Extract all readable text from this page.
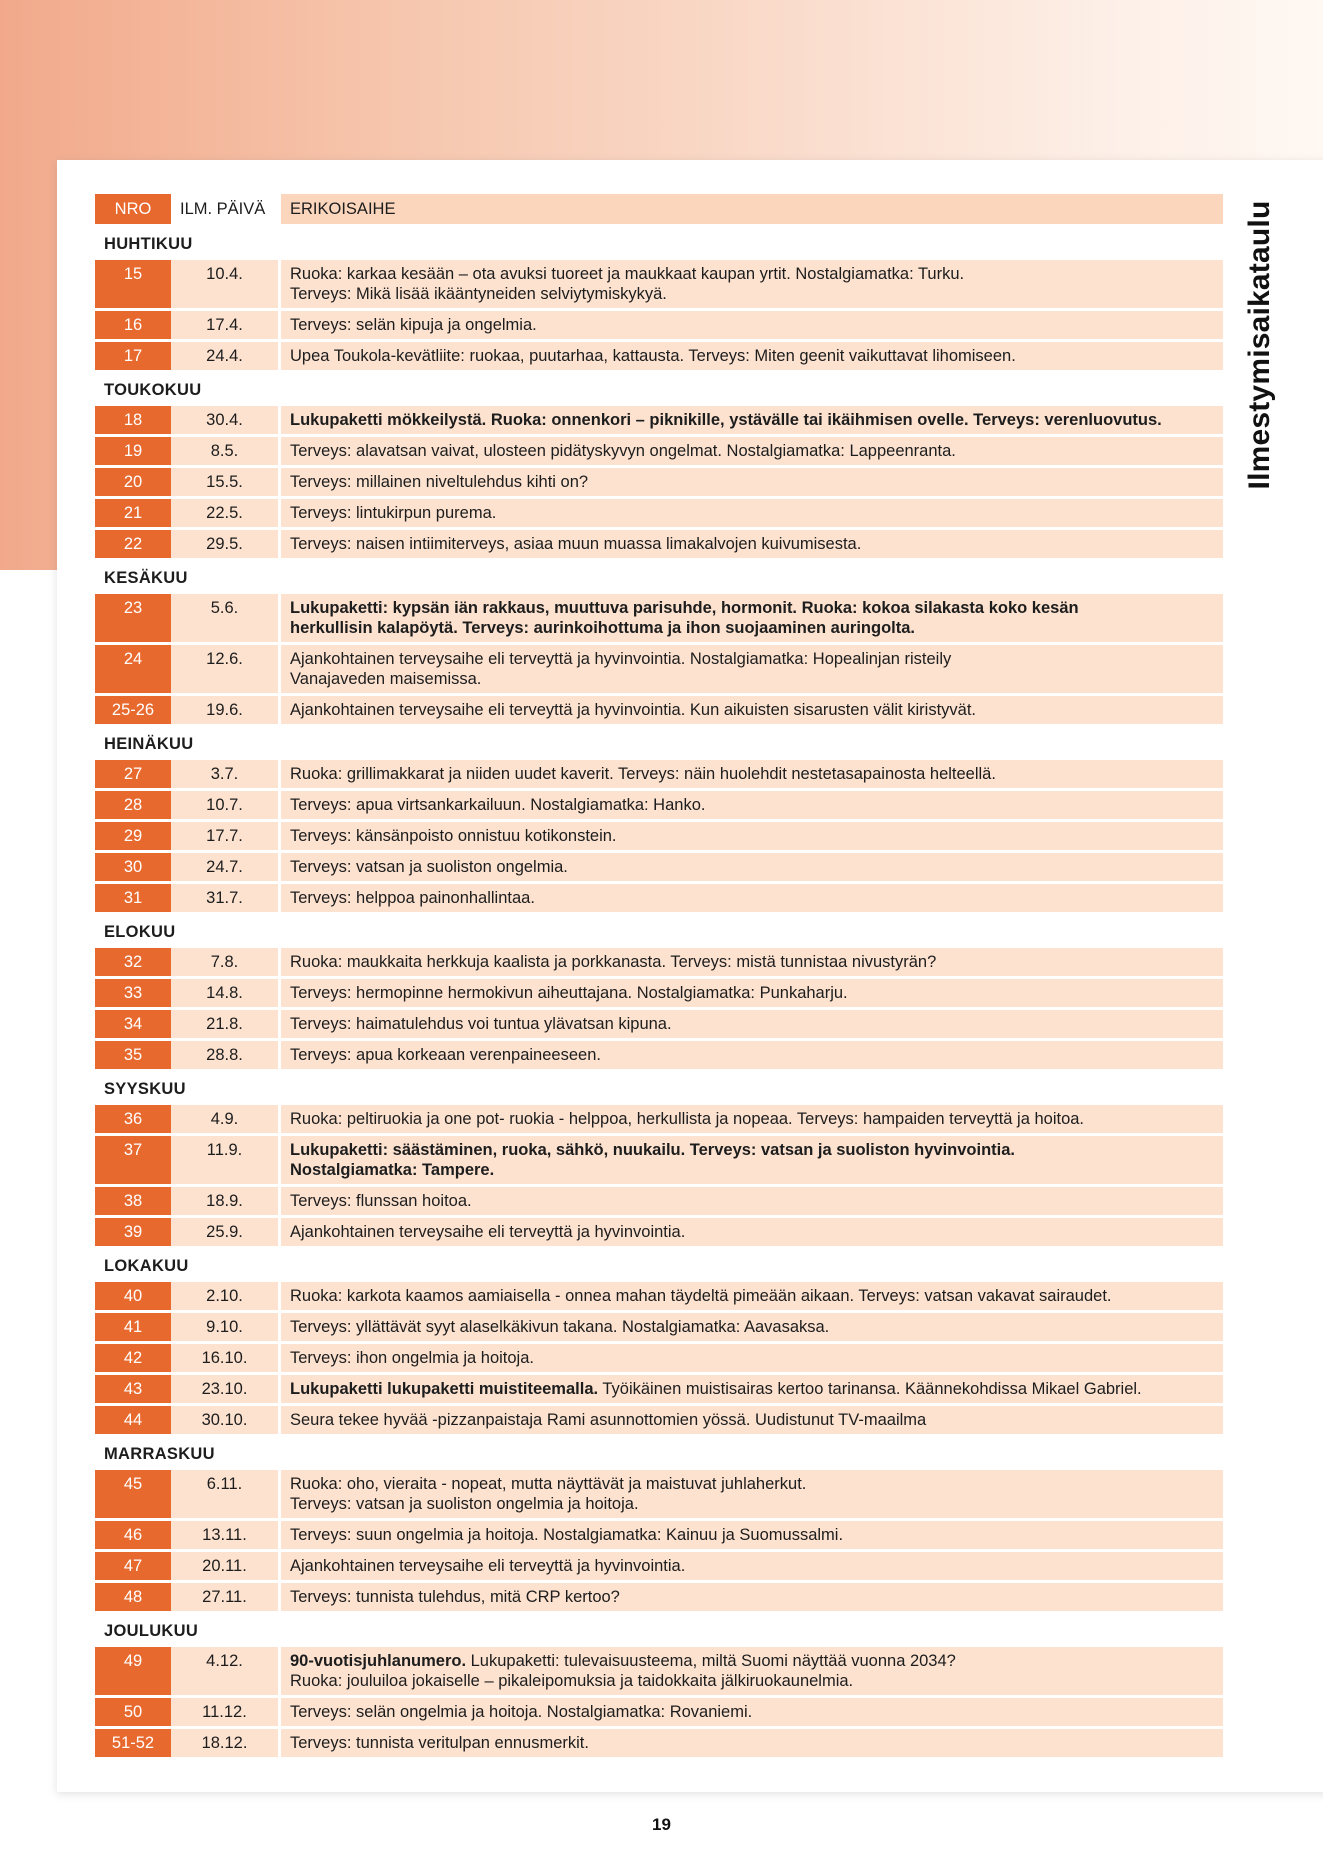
Ilmestymisaikataulu
NRO	ILM. PÄIVÄ	ERIKOISAIHE
HUHTIKUU		
15	10.4.	Ruoka: karkaa kesään – ota avuksi tuoreet ja maukkaat kaupan yrtit. Nostalgiamatka: Turku.
Terveys: Mikä lisää ikääntyneiden selviytymiskykyä.
16	17.4.	Terveys: selän kipuja ja ongelmia.
17	24.4.	Upea Toukola-kevätliite: ruokaa, puutarhaa, kattausta. Terveys: Miten geenit vaikuttavat lihomiseen.
TOUKOKUU		
18	30.4.	Lukupaketti mökkeilystä. Ruoka: onnenkori – piknikille, ystävälle tai ikäihmisen ovelle. Terveys: verenluovutus.
19	8.5.	Terveys: alavatsan vaivat, ulosteen pidätyskyvyn ongelmat. Nostalgiamatka: Lappeenranta.
20	15.5.	Terveys: millainen niveltulehdus kihti on?
21	22.5.	Terveys: lintukirpun purema.
22	29.5.	Terveys: naisen intiimiterveys, asiaa muun muassa limakalvojen kuivumisesta.
KESÄKUU		
23	5.6.	Lukupaketti: kypsän iän rakkaus, muuttuva parisuhde, hormonit. Ruoka: kokoa silakasta koko kesän
herkullisin kalapöytä. Terveys: aurinkoihottuma ja ihon suojaaminen auringolta.
24	12.6.	Ajankohtainen terveysaihe eli terveyttä ja hyvinvointia. Nostalgiamatka: Hopealinjan risteily
Vanajaveden maisemissa.
25-26	19.6.	Ajankohtainen terveysaihe eli terveyttä ja hyvinvointia. Kun aikuisten sisarusten välit kiristyvät.
HEINÄKUU		
27	3.7.	Ruoka: grillimakkarat ja niiden uudet kaverit. Terveys: näin huolehdit nestetasapainosta helteellä.
28	10.7.	Terveys: apua virtsankarkailuun. Nostalgiamatka: Hanko.
29	17.7.	Terveys: känsänpoisto onnistuu kotikonstein.
30	24.7.	Terveys: vatsan ja suoliston ongelmia.
31	31.7.	Terveys: helppoa painonhallintaa.
ELOKUU		
32	7.8.	Ruoka: maukkaita herkkuja kaalista ja porkkanasta. Terveys: mistä tunnistaa nivustyrän?
33	14.8.	Terveys: hermopinne hermokivun aiheuttajana. Nostalgiamatka: Punkaharju.
34	21.8.	Terveys: haimatulehdus voi tuntua ylävatsan kipuna.
35	28.8.	Terveys: apua korkeaan verenpaineeseen.
SYYSKUU		
36	4.9.	Ruoka: peltiruokia ja one pot- ruokia - helppoa, herkullista ja nopeaa. Terveys: hampaiden terveyttä ja hoitoa.
37	11.9.	Lukupaketti: säästäminen, ruoka, sähkö, nuukailu. Terveys: vatsan ja suoliston hyvinvointia.
Nostalgiamatka: Tampere.
38	18.9.	Terveys: flunssan hoitoa.
39	25.9.	Ajankohtainen terveysaihe eli terveyttä ja hyvinvointia.
LOKAKUU		
40	2.10.	Ruoka: karkota kaamos aamiaisella - onnea mahan täydeltä pimeään aikaan. Terveys: vatsan vakavat sairaudet.
41	9.10.	Terveys: yllättävät syyt alaselkäkivun takana. Nostalgiamatka: Aavasaksa.
42	16.10.	Terveys: ihon ongelmia ja hoitoja.
43	23.10.	Lukupaketti lukupaketti muistiteemalla. Työikäinen muistisairas kertoo tarinansa. Käännekohdissa Mikael Gabriel.
44	30.10.	Seura tekee hyvää -pizzanpaistaja Rami asunnottomien yössä. Uudistunut TV-maailma
MARRASKUU		
45	6.11.	Ruoka: oho, vieraita - nopeat, mutta näyttävät ja maistuvat juhlaherkut.
Terveys: vatsan ja suoliston ongelmia ja hoitoja.
46	13.11.	Terveys: suun ongelmia ja hoitoja. Nostalgiamatka: Kainuu ja Suomussalmi.
47	20.11.	Ajankohtainen terveysaihe eli terveyttä ja hyvinvointia.
48	27.11.	Terveys: tunnista tulehdus, mitä CRP kertoo?
JOULUKUU		
49	4.12.	90-vuotisjuhlanumero. Lukupaketti: tulevaisuusteema, miltä Suomi näyttää vuonna 2034?
Ruoka: jouluiloa jokaiselle – pikaleipomuksia ja taidokkaita jälkiruokaunelmia.
50	11.12.	Terveys: selän ongelmia ja hoitoja. Nostalgiamatka: Rovaniemi.
51-52	18.12.	Terveys: tunnista veritulpan ennusmerkit.
19
